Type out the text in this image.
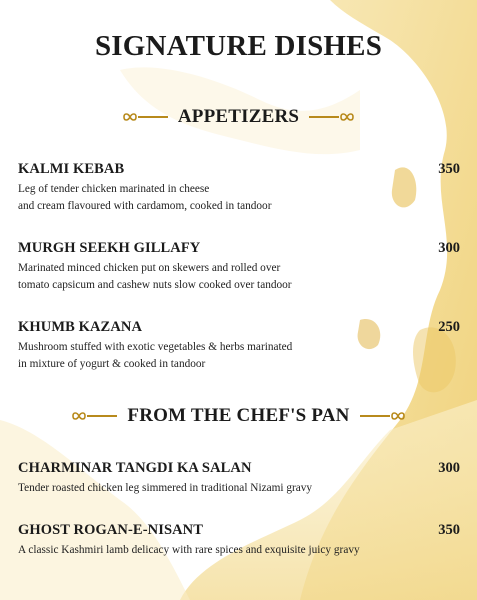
SIGNATURE DISHES
APPETIZERS
KALMI KEBAB	350
Leg of tender chicken marinated in cheese
and cream flavoured with cardamom, cooked in tandoor
MURGH SEEKH GILLAFY	300
Marinated minced chicken put on skewers and rolled over
tomato capsicum and cashew nuts slow cooked over tandoor
KHUMB KAZANA	250
Mushroom stuffed with exotic vegetables & herbs marinated
in mixture of yogurt & cooked in tandoor
FROM THE CHEF'S PAN
CHARMINAR TANGDI KA SALAN	300
Tender roasted chicken leg simmered in traditional Nizami gravy
GHOST ROGAN-E-NISANT	350
A classic Kashmiri lamb delicacy with rare spices and exquisite juicy gravy
